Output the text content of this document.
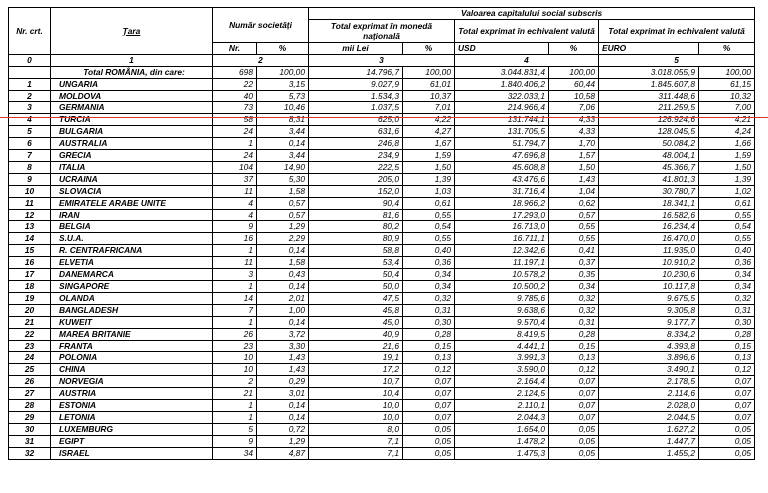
Nr. crt.	Țara	Număr societăți		Valoarea capitalului social subscris					
				Total exprimat în monedă națională		Total exprimat în echivalent valută		Total exprimat în echivalent valută	
		Nr.	%	mii Lei	%	USD	%	EURO	%
0	1	2		3		4		5	
	Total ROMÂNIA, din care:	698	100,00	14.796,7	100,00	3.044.831,4	100,00	3.018.055,9	100,00
1	UNGARIA	22	3,15	9.027,9	61,01	1.840.406,2	60,44	1.845.607,8	61,15
2	MOLDOVA	40	5,73	1.534,3	10,37	322.033,1	10,58	311.448,6	10,32
3	GERMANIA	73	10,46	1.037,5	7,01	214.966,4	7,06	211.259,5	7,00
4	TURCIA	58	8,31	625,0	4,22	131.744,1	4,33	126.924,6	4,21
5	BULGARIA	24	3,44	631,6	4,27	131.705,5	4,33	128.045,5	4,24
6	AUSTRALIA	1	0,14	246,8	1,67	51.794,7	1,70	50.084,2	1,66
7	GRECIA	24	3,44	234,9	1,59	47.696,8	1,57	48.004,1	1,59
8	ITALIA	104	14,90	222,5	1,50	45.608,8	1,50	45.366,7	1,50
9	UCRAINA	37	5,30	205,0	1,39	43.476,6	1,43	41.801,3	1,39
10	SLOVACIA	11	1,58	152,0	1,03	31.716,4	1,04	30.780,7	1,02
11	EMIRATELE ARABE UNITE	4	0,57	90,4	0,61	18.966,2	0,62	18.341,1	0,61
12	IRAN	4	0,57	81,6	0,55	17.293,0	0,57	16.582,6	0,55
13	BELGIA	9	1,29	80,2	0,54	16.713,0	0,55	16.234,4	0,54
14	S.U.A.	16	2,29	80,9	0,55	16.711,1	0,55	16.470,0	0,55
15	R. CENTRAFRICANA	1	0,14	58,8	0,40	12.342,6	0,41	11.935,0	0,40
16	ELVETIA	11	1,58	53,4	0,36	11.197,1	0,37	10.910,2	0,36
17	DANEMARCA	3	0,43	50,4	0,34	10.578,2	0,35	10.230,6	0,34
18	SINGAPORE	1	0,14	50,0	0,34	10.500,2	0,34	10.117,8	0,34
19	OLANDA	14	2,01	47,5	0,32	9.785,6	0,32	9.675,5	0,32
20	BANGLADESH	7	1,00	45,8	0,31	9.638,6	0,32	9.305,8	0,31
21	KUWEIT	1	0,14	45,0	0,30	9.570,4	0,31	9.177,7	0,30
22	MAREA BRITANIE	26	3,72	40,9	0,28	8.419,5	0,28	8.334,2	0,28
23	FRANTA	23	3,30	21,6	0,15	4.441,1	0,15	4.393,8	0,15
24	POLONIA	10	1,43	19,1	0,13	3.991,3	0,13	3.896,6	0,13
25	CHINA	10	1,43	17,2	0,12	3.590,0	0,12	3.490,1	0,12
26	NORVEGIA	2	0,29	10,7	0,07	2.164,4	0,07	2.178,5	0,07
27	AUSTRIA	21	3,01	10,4	0,07	2.124,5	0,07	2.114,6	0,07
28	ESTONIA	1	0,14	10,0	0,07	2.110,1	0,07	2.028,0	0,07
29	LETONIA	1	0,14	10,0	0,07	2.044,3	0,07	2.044,5	0,07
30	LUXEMBURG	5	0,72	8,0	0,05	1.654,0	0,05	1.627,2	0,05
31	EGIPT	9	1,29	7,1	0,05	1.478,2	0,05	1.447,7	0,05
32	ISRAEL	34	4,87	7,1	0,05	1.475,3	0,05	1.455,2	0,05
